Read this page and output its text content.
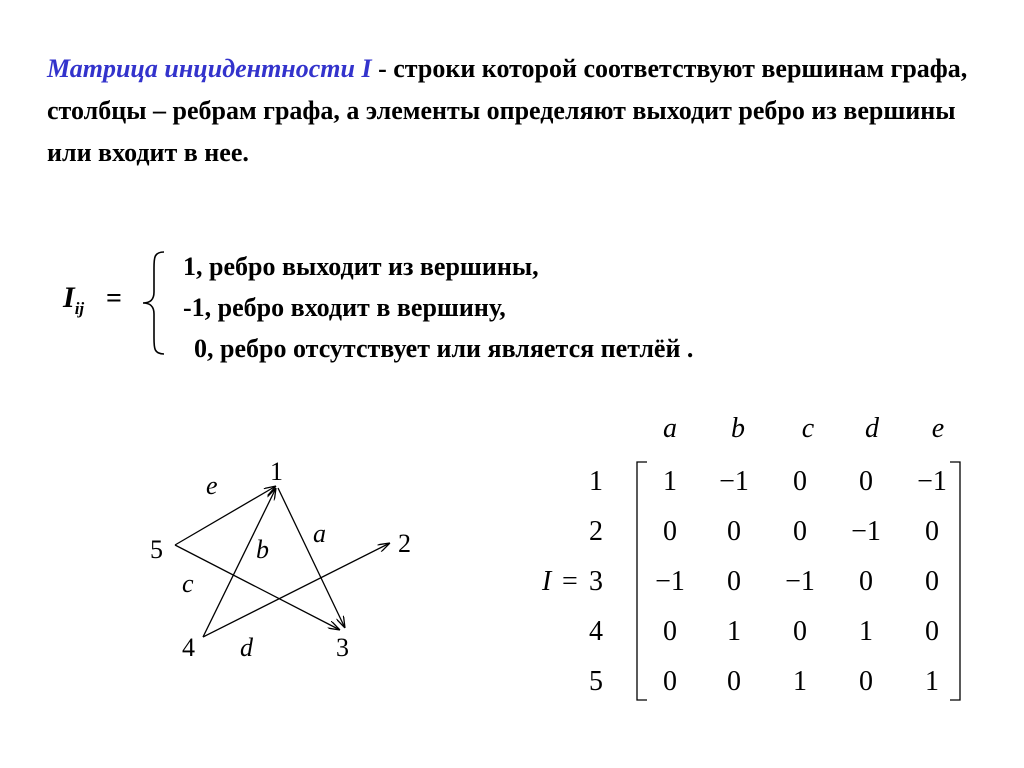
Матрица инцидентности I - строки которой соответствуют вершинам графа, столбцы – ребрам графа, а элементы определяют выходит ребро из вершины или входит в нее.
$I_{ij}$ =
1, ребро выходит из вершины,
-1, ребро входит в вершину,
0, ребро отсутствует или является петлёй .
1
2
3
4
5
a
b
c
d
e
a b c d e
I =
1
2
3
4
5
1 −1 0 0 −1
0 0 0 −1 0
−1 0 −1 0 0
0 1 0 1 0
0 0 1 0 1
